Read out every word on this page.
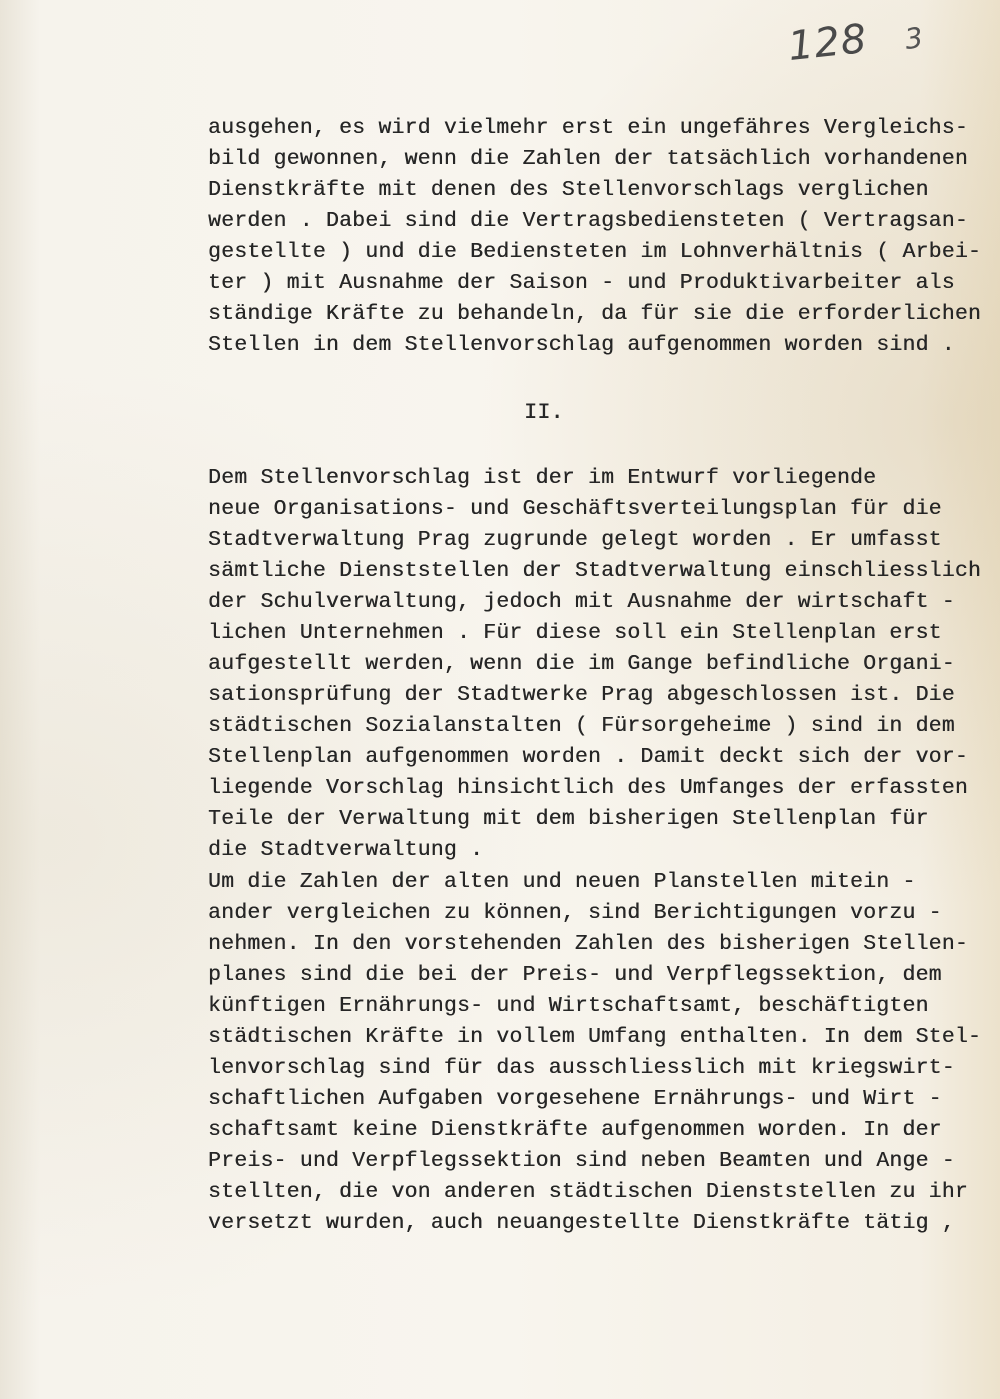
128 3
ausgehen, es wird vielmehr erst ein ungefähres Vergleichs-
bild gewonnen, wenn die Zahlen der tatsächlich vorhandenen
Dienstkräfte mit denen des Stellenvorschlags verglichen
werden . Dabei sind die Vertragsbediensteten ( Vertragsan-
gestellte ) und die Bediensteten im Lohnverhältnis ( Arbei-
ter ) mit Ausnahme der Saison - und Produktivarbeiter als
ständige Kräfte zu behandeln, da für sie die erforderlichen
Stellen in dem Stellenvorschlag aufgenommen worden sind .
II.
Dem Stellenvorschlag ist der im Entwurf vorliegende
neue Organisations- und Geschäftsverteilungsplan für die
Stadtverwaltung Prag zugrunde gelegt worden . Er umfasst
sämtliche Dienststellen der Stadtverwaltung einschliesslich
der Schulverwaltung, jedoch mit Ausnahme der wirtschaft -
lichen Unternehmen . Für diese soll ein Stellenplan erst
aufgestellt werden, wenn die im Gange befindliche Organi-
sationsprüfung der Stadtwerke Prag abgeschlossen ist. Die
städtischen Sozialanstalten ( Fürsorgeheime ) sind in dem
Stellenplan aufgenommen worden . Damit deckt sich der vor-
liegende Vorschlag hinsichtlich des Umfanges der erfassten
Teile der Verwaltung mit dem bisherigen Stellenplan für
die Stadtverwaltung .
Um die Zahlen der alten und neuen Planstellen mitein -
ander vergleichen zu können, sind Berichtigungen vorzu -
nehmen. In den vorstehenden Zahlen des bisherigen Stellen-
planes sind die bei der Preis- und Verpflegssektion, dem
künftigen Ernährungs- und Wirtschaftsamt, beschäftigten
städtischen Kräfte in vollem Umfang enthalten. In dem Stel-
lenvorschlag sind für das ausschliesslich mit kriegswirt-
schaftlichen Aufgaben vorgesehene Ernährungs- und Wirt -
schaftsamt keine Dienstkräfte aufgenommen worden. In der
Preis- und Verpflegssektion sind neben Beamten und Ange -
stellten, die von anderen städtischen Dienststellen zu ihr
versetzt wurden, auch neuangestellte Dienstkräfte tätig ,
